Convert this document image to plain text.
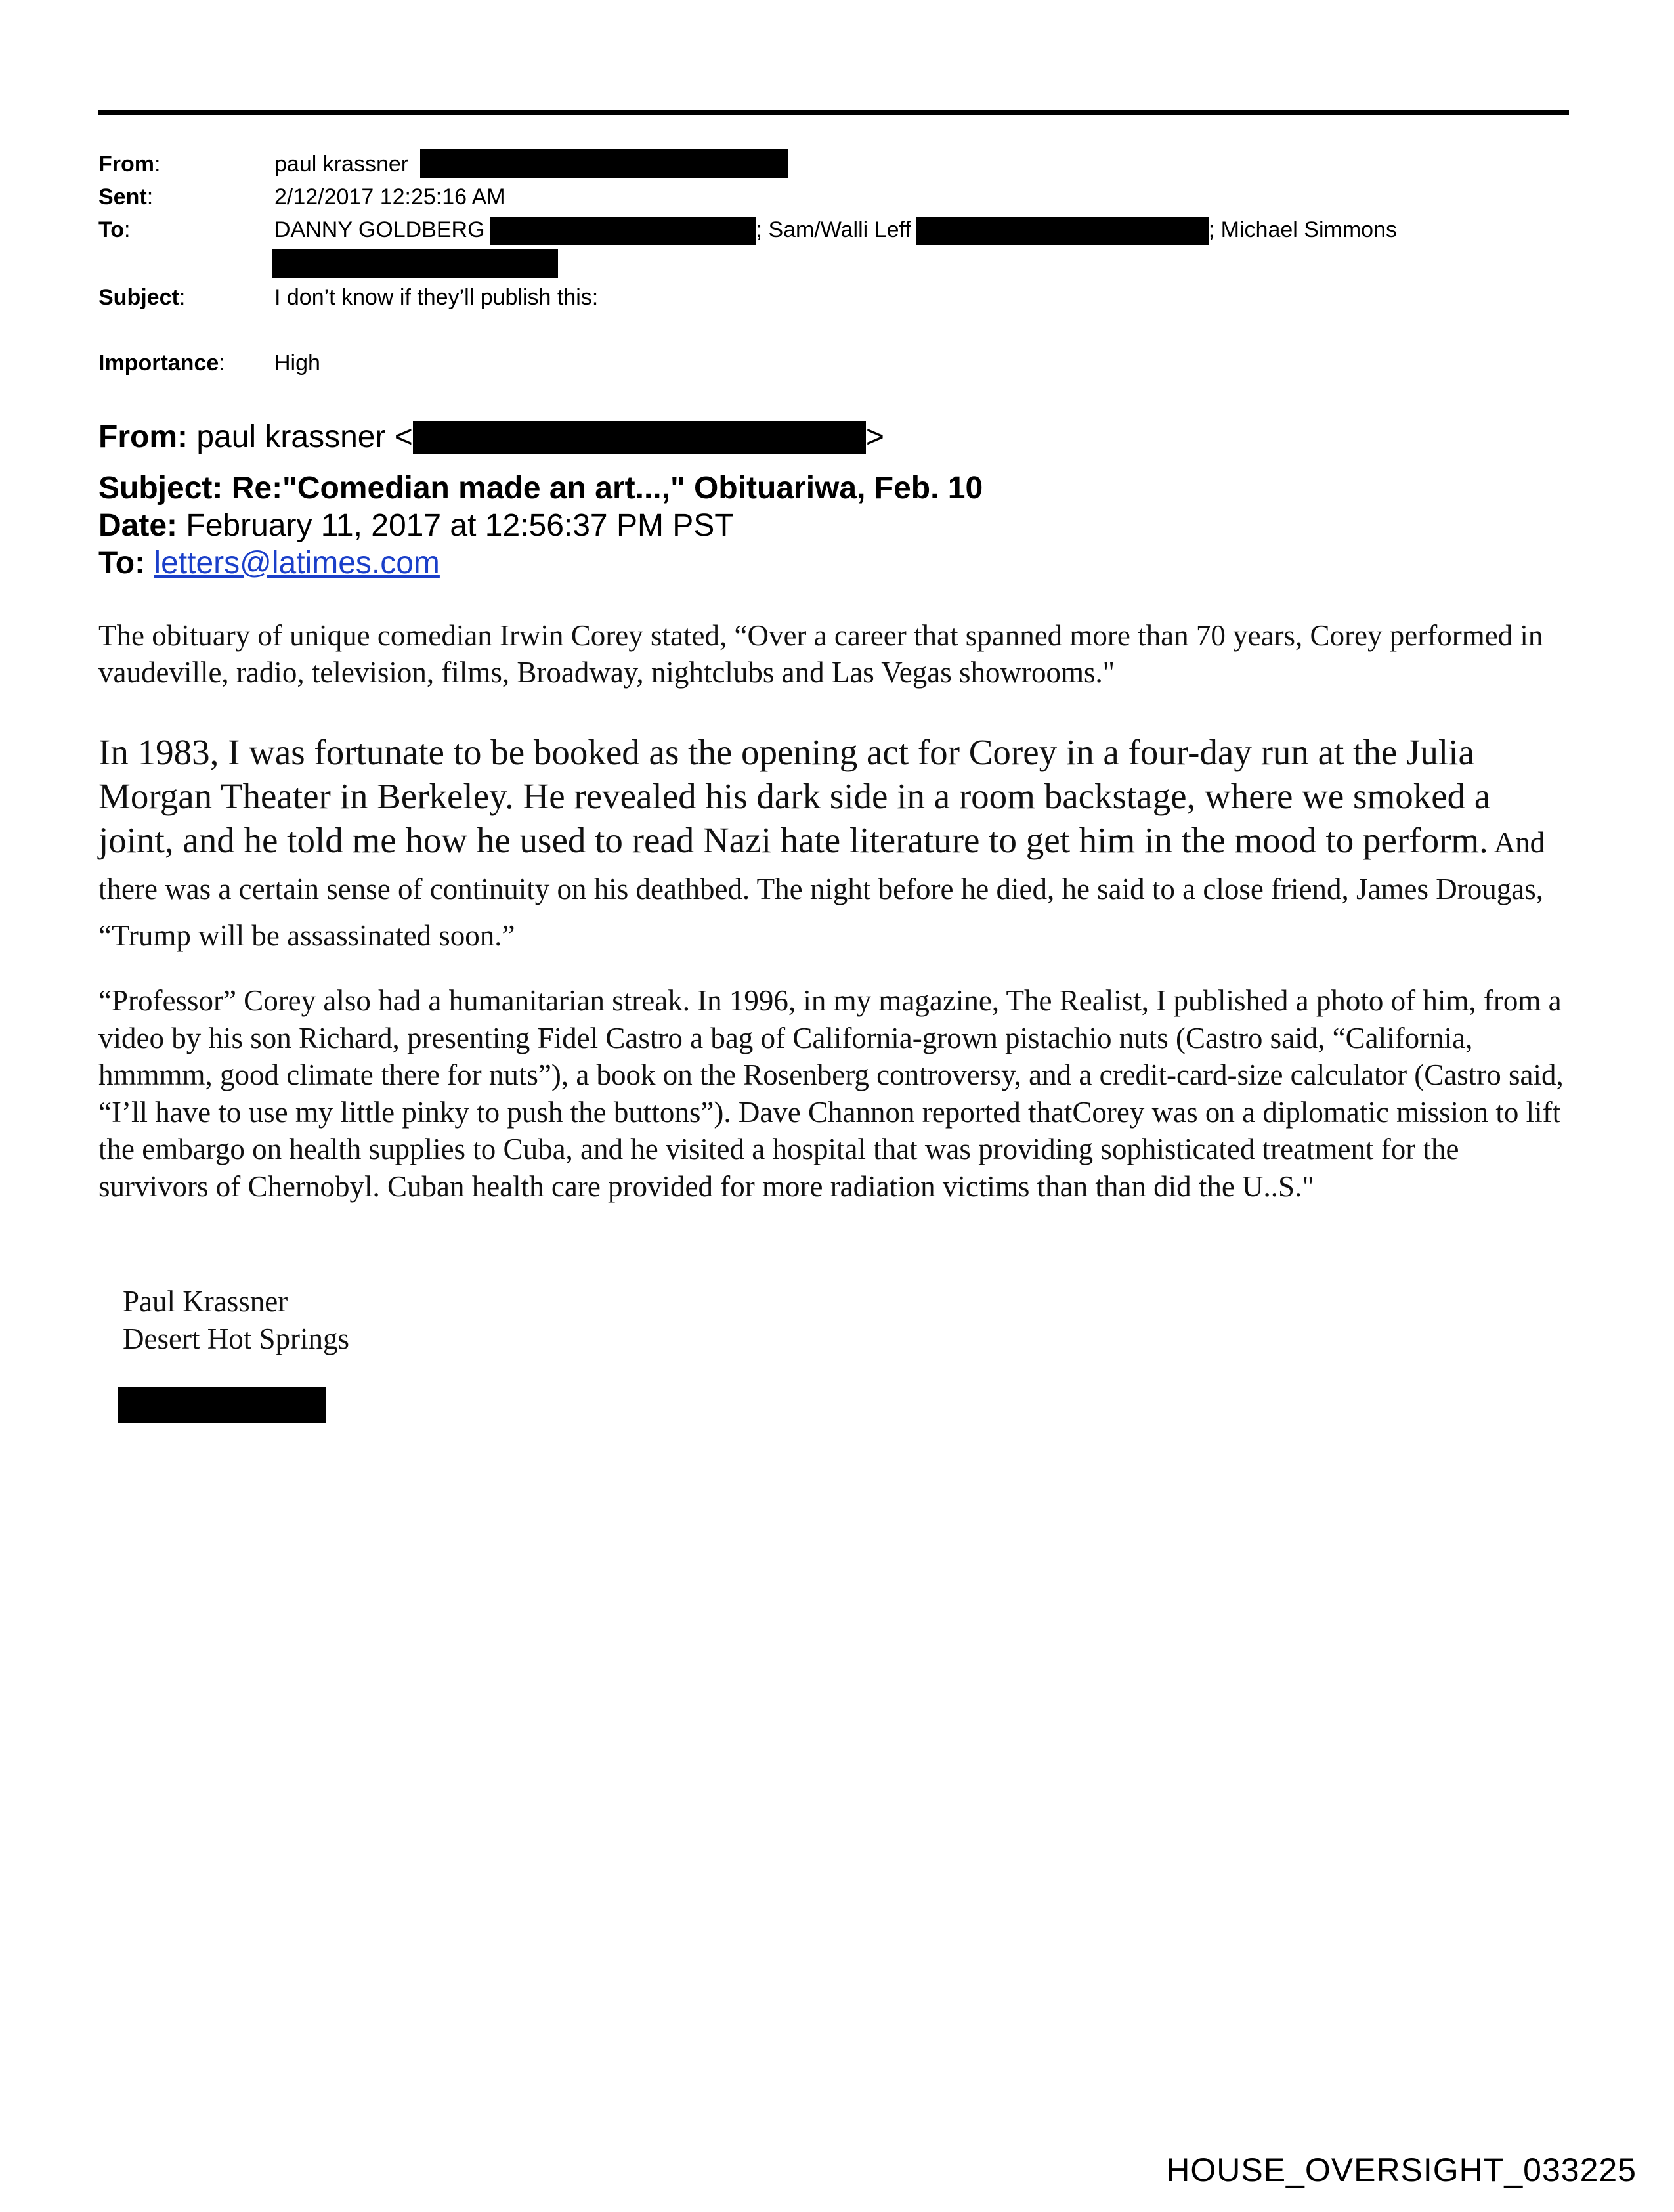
From:	paul krassner
Sent:	2/12/2017 12:25:16 AM
To:	DANNY GOLDBERG	; Sam/Walli Leff	; Michael Simmons
Subject:	I don’t know if they’ll publish this:
Importance: High
From: paul krassner <	>
Subject: Re:"Comedian made an art...," Obituariwa, Feb. 10
Date: February 11, 2017 at 12:56:37 PM PST
To: letters@latimes.com
The obituary of unique comedian Irwin Corey stated, “Over a career that spanned more than 70 years, Corey performed in vaudeville, radio, television, films, Broadway, nightclubs and Las Vegas showrooms."
In 1983, I was fortunate to be booked as the opening act for Corey in a four-day run at the Julia Morgan Theater in Berkeley. He revealed his dark side in a room backstage, where we smoked a joint, and he told me how he used to read Nazi hate literature to get him in the mood to perform. And there was a certain sense of continuity on his deathbed. The night before he died, he said to a close friend, James Drougas, “Trump will be assassinated soon.”
“Professor” Corey also had a humanitarian streak. In 1996, in my magazine, The Realist, I published a photo of him, from a video by his son Richard, presenting Fidel Castro a bag of California-grown pistachio nuts (Castro said, “California, hmmmm, good climate there for nuts”), a book on the Rosenberg controversy, and a credit-card-size calculator (Castro said, “I’ll have to use my little pinky to push the buttons”). Dave Channon reported thatCorey was on a diplomatic mission to lift the embargo on health supplies to Cuba, and he visited a hospital that was providing sophisticated treatment for the survivors of Chernobyl. Cuban health care provided for more radiation victims than than did the U..S."
Paul Krassner
Desert Hot Springs
HOUSE_OVERSIGHT_033225
